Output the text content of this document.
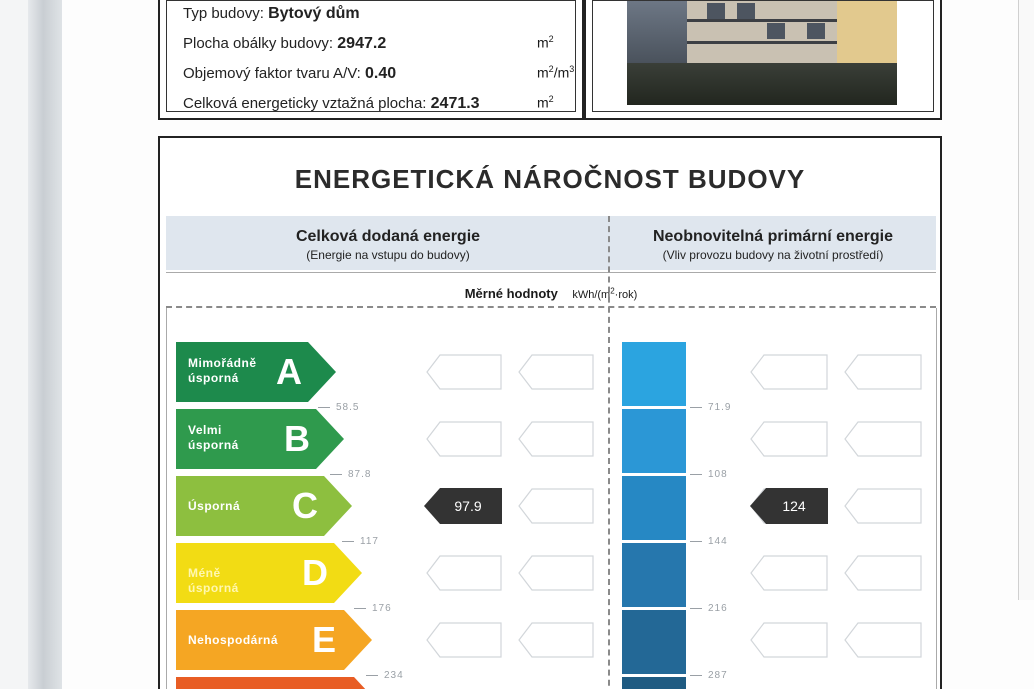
Typ budovy: Bytový dům
Plocha obálky budovy: 2947.2	$m^2$
Objemový faktor tvaru A/V: 0.40	$m^2/m^3$
Celková energeticky vztažná plocha: 2471.3	$m^2$
ENERGETICKÁ NÁROČNOST BUDOVY
Celková dodaná energie
(Energie na vstupu do budovy)
Neobnovitelná primární energie
(Vliv provozu budovy na životní prostředí)
$_{Měrné hodnoty}$ $_{kWh/(m^2\cdot rok)}$
Mimořádně
úsporná	A
Velmi
úsporná B
Úsporná C
Méně úsporná D
Nehospodárná E
58.5
87.8
117
176
234
71.9
108
144
216
287
97.9	124
